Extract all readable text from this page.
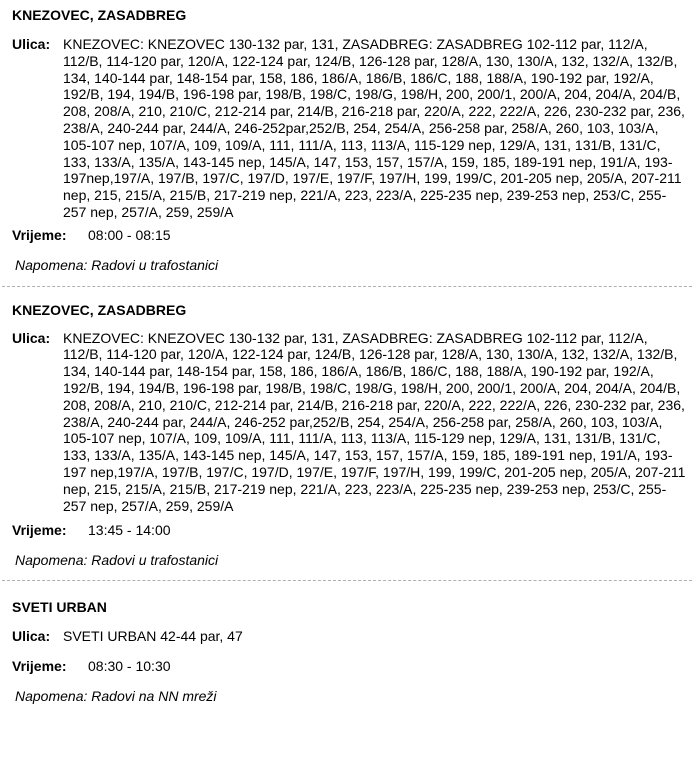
KNEZOVEC, ZASADBREG
Ulica: KNEZOVEC: KNEZOVEC 130-132 par, 131, ZASADBREG: ZASADBREG 102-112 par, 112/A, 112/B, 114-120 par, 120/A, 122-124 par, 124/B, 126-128 par, 128/A, 130, 130/A, 132, 132/A, 132/B, 134, 140-144 par, 148-154 par, 158, 186, 186/A, 186/B, 186/C, 188, 188/A, 190-192 par, 192/A, 192/B, 194, 194/B, 196-198 par, 198/B, 198/C, 198/G, 198/H, 200, 200/1, 200/A, 204, 204/A, 204/B, 208, 208/A, 210, 210/C, 212-214 par, 214/B, 216-218 par, 220/A, 222, 222/A, 226, 230-232 par, 236, 238/A, 240-244 par, 244/A, 246-252par,252/B, 254, 254/A, 256-258 par, 258/A, 260, 103, 103/A, 105-107 nep, 107/A, 109, 109/A, 111, 111/A, 113, 113/A, 115-129 nep, 129/A, 131, 131/B, 131/C, 133, 133/A, 135/A, 143-145 nep, 145/A, 147, 153, 157, 157/A, 159, 185, 189-191 nep, 191/A, 193-197nep,197/A, 197/B, 197/C, 197/D, 197/E, 197/F, 197/H, 199, 199/C, 201-205 nep, 205/A, 207-211 nep, 215, 215/A, 215/B, 217-219 nep, 221/A, 223, 223/A, 225-235 nep, 239-253 nep, 253/C, 255-257 nep, 257/A, 259, 259/A
Vrijeme:	08:00 - 08:15
Napomena: Radovi u trafostanici
KNEZOVEC, ZASADBREG
Ulica: KNEZOVEC: KNEZOVEC 130-132 par, 131, ZASADBREG: ZASADBREG 102-112 par, 112/A, 112/B, 114-120 par, 120/A, 122-124 par, 124/B, 126-128 par, 128/A, 130, 130/A, 132, 132/A, 132/B, 134, 140-144 par, 148-154 par, 158, 186, 186/A, 186/B, 186/C, 188, 188/A, 190-192 par, 192/A, 192/B, 194, 194/B, 196-198 par, 198/B, 198/C, 198/G, 198/H, 200, 200/1, 200/A, 204, 204/A, 204/B, 208, 208/A, 210, 210/C, 212-214 par, 214/B, 216-218 par, 220/A, 222, 222/A, 226, 230-232 par, 236, 238/A, 240-244 par, 244/A, 246-252 par,252/B, 254, 254/A, 256-258 par, 258/A, 260, 103, 103/A, 105-107 nep, 107/A, 109, 109/A, 111, 111/A, 113, 113/A, 115-129 nep, 129/A, 131, 131/B, 131/C, 133, 133/A, 135/A, 143-145 nep, 145/A, 147, 153, 157, 157/A, 159, 185, 189-191 nep, 191/A, 193-197 nep,197/A, 197/B, 197/C, 197/D, 197/E, 197/F, 197/H, 199, 199/C, 201-205 nep, 205/A, 207-211 nep, 215, 215/A, 215/B, 217-219 nep, 221/A, 223, 223/A, 225-235 nep, 239-253 nep, 253/C, 255-257 nep, 257/A, 259, 259/A
Vrijeme:	13:45 - 14:00
Napomena: Radovi u trafostanici
SVETI URBAN
Ulica: SVETI URBAN 42-44 par, 47
Vrijeme:	08:30 - 10:30
Napomena: Radovi na NN mreži
